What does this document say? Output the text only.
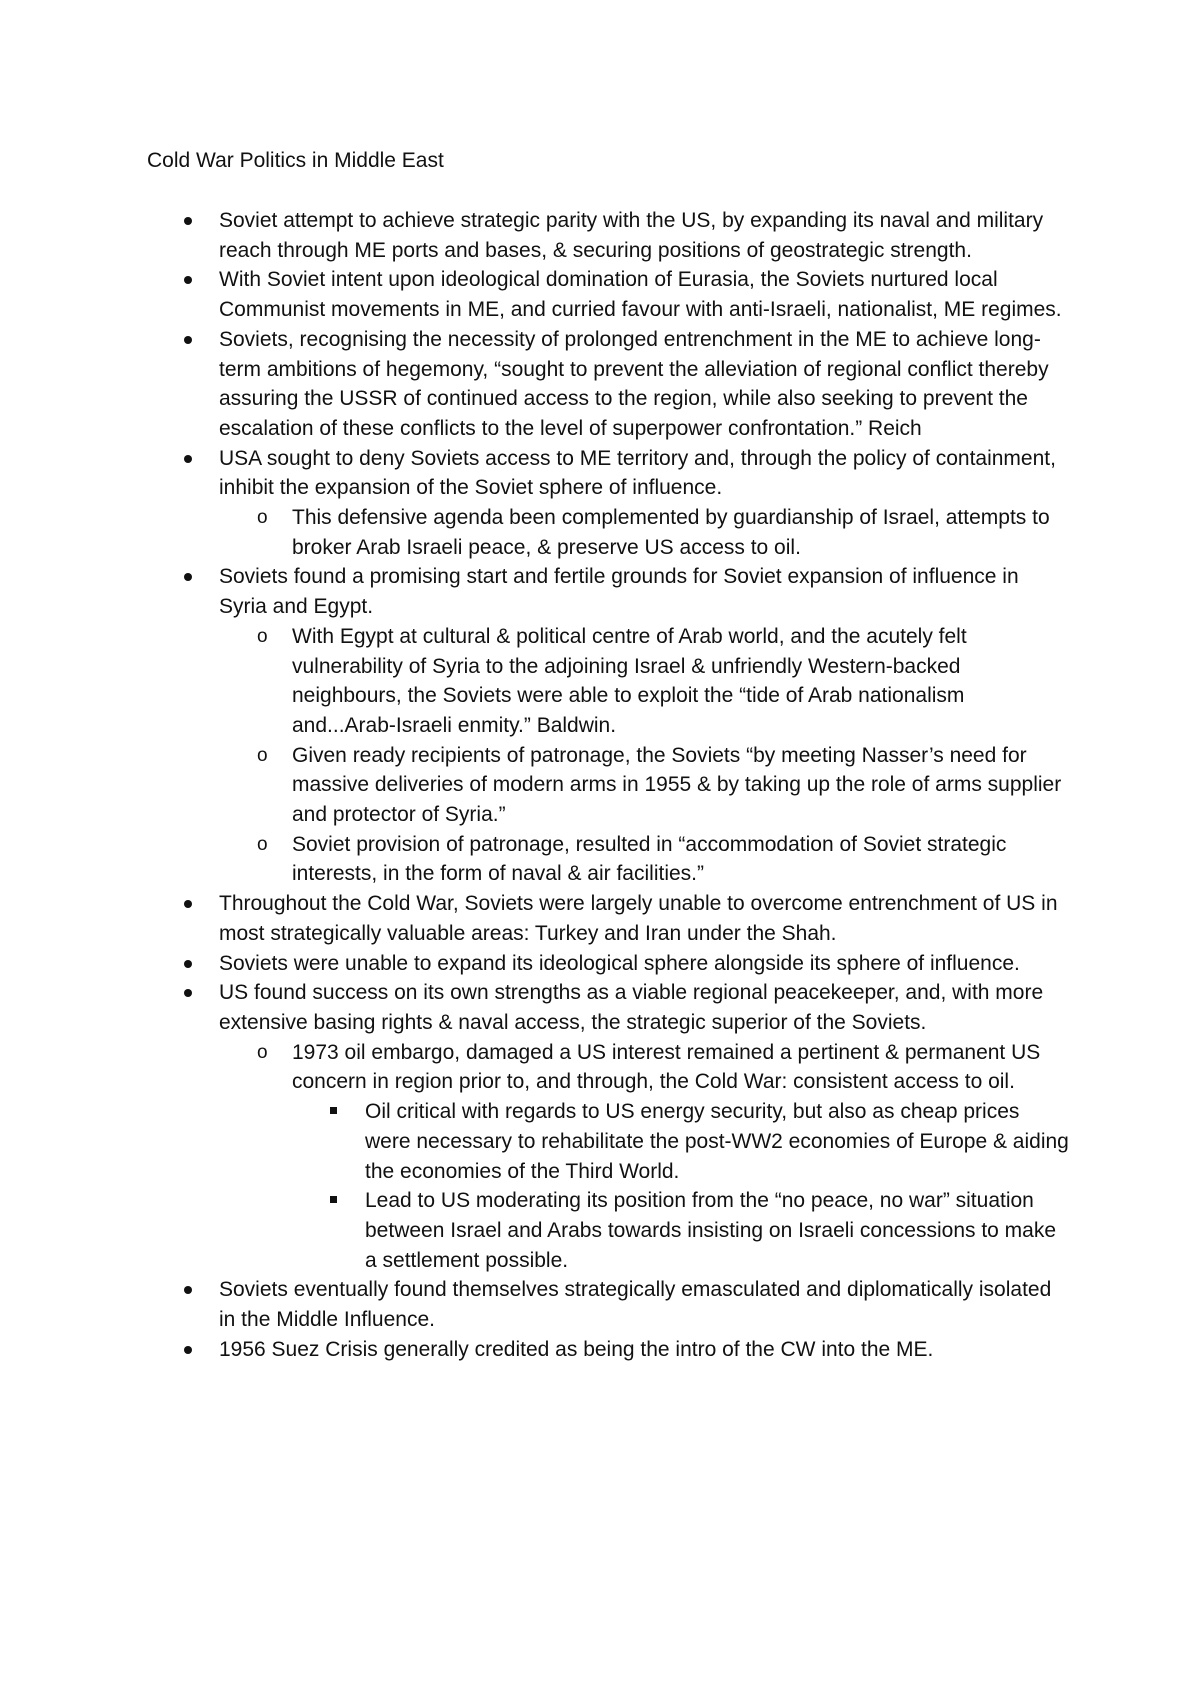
Cold War Politics in Middle East
Soviet attempt to achieve strategic parity with the US, by expanding its naval and military reach through ME ports and bases, & securing positions of geostrategic strength.
With Soviet intent upon ideological domination of Eurasia, the Soviets nurtured local Communist movements in ME, and curried favour with anti-Israeli, nationalist, ME regimes.
Soviets, recognising the necessity of prolonged entrenchment in the ME to achieve long-term ambitions of hegemony, “sought to prevent the alleviation of regional conflict thereby assuring the USSR of continued access to the region, while also seeking to prevent the escalation of these conflicts to the level of superpower confrontation.” Reich
USA sought to deny Soviets access to ME territory and, through the policy of containment, inhibit the expansion of the Soviet sphere of influence.
o This defensive agenda been complemented by guardianship of Israel, attempts to broker Arab Israeli peace, & preserve US access to oil.
Soviets found a promising start and fertile grounds for Soviet expansion of influence in Syria and Egypt.
o With Egypt at cultural & political centre of Arab world, and the acutely felt vulnerability of Syria to the adjoining Israel & unfriendly Western-backed neighbours, the Soviets were able to exploit the “tide of Arab nationalism and...Arab-Israeli enmity.” Baldwin.
o Given ready recipients of patronage, the Soviets “by meeting Nasser’s need for massive deliveries of modern arms in 1955 & by taking up the role of arms supplier and protector of Syria.”
o Soviet provision of patronage, resulted in “accommodation of Soviet strategic interests, in the form of naval & air facilities.”
Throughout the Cold War, Soviets were largely unable to overcome entrenchment of US in most strategically valuable areas: Turkey and Iran under the Shah.
Soviets were unable to expand its ideological sphere alongside its sphere of influence.
US found success on its own strengths as a viable regional peacekeeper, and, with more extensive basing rights & naval access, the strategic superior of the Soviets.
o 1973 oil embargo, damaged a US interest remained a pertinent & permanent US concern in region prior to, and through, the Cold War: consistent access to oil.
Oil critical with regards to US energy security, but also as cheap prices were necessary to rehabilitate the post-WW2 economies of Europe & aiding the economies of the Third World.
Lead to US moderating its position from the “no peace, no war” situation between Israel and Arabs towards insisting on Israeli concessions to make a settlement possible.
Soviets eventually found themselves strategically emasculated and diplomatically isolated in the Middle Influence.
1956 Suez Crisis generally credited as being the intro of the CW into the ME.
